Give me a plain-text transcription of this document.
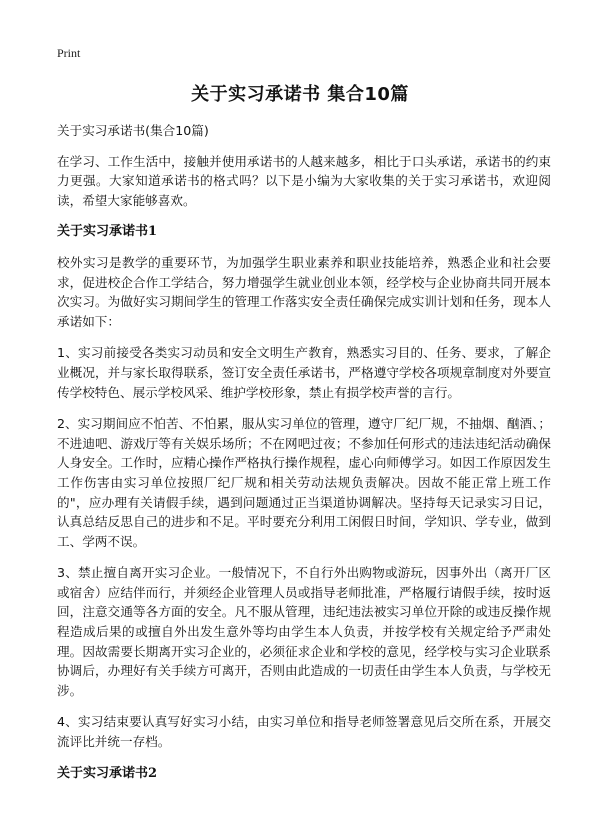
Print
关于实习承诺书 集合10篇

关于实习承诺书(集合10篇)

在学习、工作生活中，接触并使用承诺书的人越来越多，相比于口头承诺，承诺书的约束力更强。大家知道承诺书的格式吗？以下是小编为大家收集的关于实习承诺书，欢迎阅读，希望大家能够喜欢。

关于实习承诺书1

校外实习是教学的重要环节，为加强学生职业素养和职业技能培养，熟悉企业和社会要求，促进校企合作工学结合，努力增强学生就业创业本领，经学校与企业协商共同开展本次实习。为做好实习期间学生的管理工作落实安全责任确保完成实训计划和任务，现本人承诺如下：

1、实习前接受各类实习动员和安全文明生产教育，熟悉实习目的、任务、要求，了解企业概况，并与家长取得联系，签订安全责任承诺书，严格遵守学校各项规章制度对外要宣传学校特色、展示学校风采、维护学校形象，禁止有损学校声誉的言行。

2、实习期间应不怕苦、不怕累，服从实习单位的管理，遵守厂纪厂规，不抽烟、酗酒、；不进迪吧、游戏厅等有关娱乐场所；不在网吧过夜；不参加任何形式的违法违纪活动确保人身安全。工作时，应精心操作严格执行操作规程，虚心向师傅学习。如因工作原因发生工作伤害由实习单位按照厂纪厂规和相关劳动法规负责解决。因故不能正常上班工作的"，应办理有关请假手续，遇到问题通过正当渠道协调解决。坚持每天记录实习日记，认真总结反思自己的进步和不足。平时要充分利用工闲假日时间，学知识、学专业，做到工、学两不误。

3、禁止擅自离开实习企业。一般情况下，不自行外出购物或游玩，因事外出（离开厂区或宿舍）应结伴而行，并须经企业管理人员或指导老师批准，严格履行请假手续，按时返回，注意交通等各方面的安全。凡不服从管理，违纪违法被实习单位开除的或违反操作规程造成后果的或擅自外出发生意外等均由学生本人负责，并按学校有关规定给予严肃处理。因故需要长期离开实习企业的，必须征求企业和学校的意见，经学校与实习企业联系协调后，办理好有关手续方可离开，否则由此造成的一切责任由学生本人负责，与学校无涉。

4、实习结束要认真写好实习小结，由实习单位和指导老师签署意见后交所在系，开展交流评比并统一存档。

关于实习承诺书2
